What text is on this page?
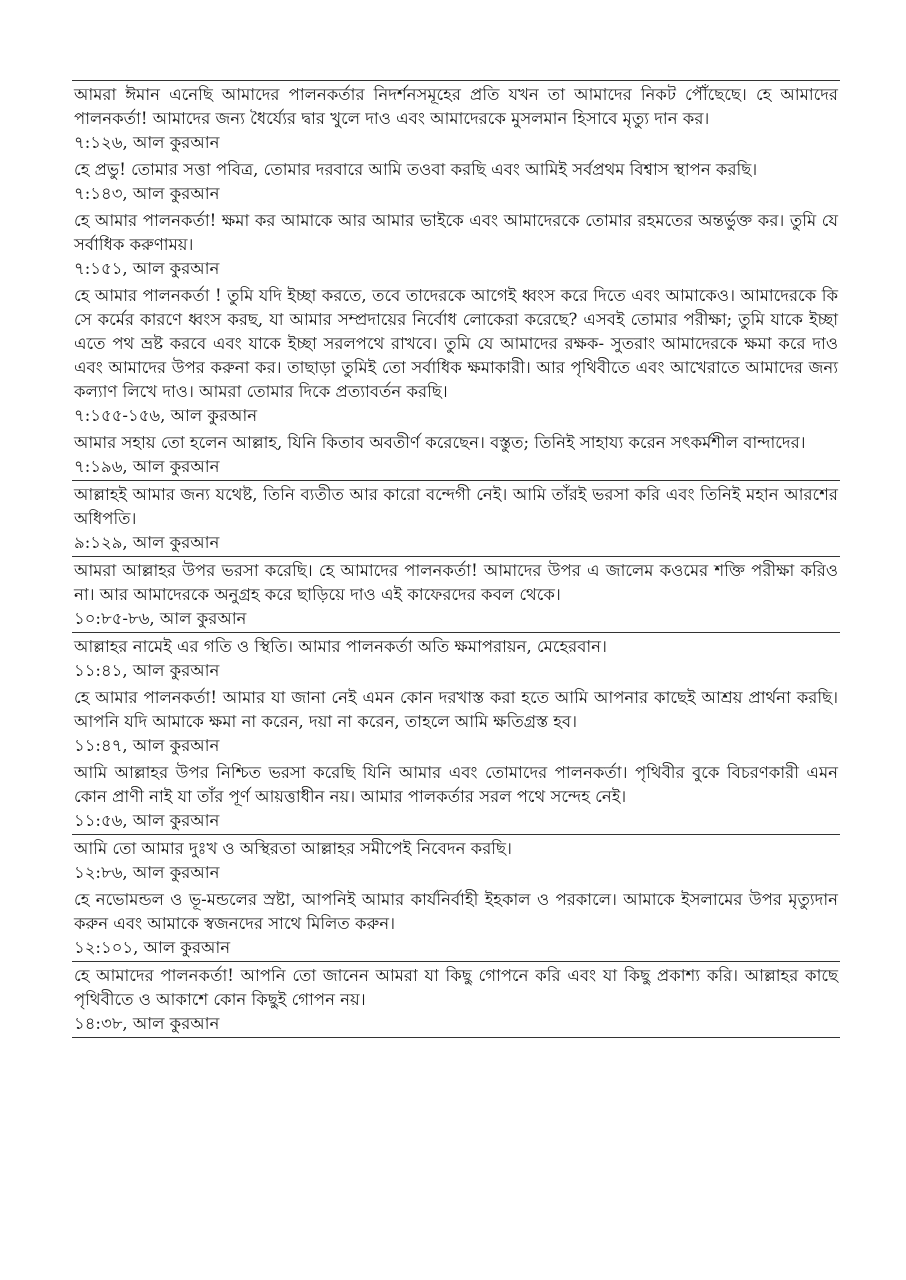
আমরা ঈমান এনেছি আমাদের পালনকর্তার নিদর্শনসমূহের প্রতি যখন তা আমাদের নিকট পৌঁছেছে। হে আমাদের পালনকর্তা! আমাদের জন্য ধৈর্য্যের দ্বার খুলে দাও এবং আমাদেরকে মুসলমান হিসাবে মৃত্যু দান কর।

৭:১২৬, আল কুরআন

হে প্রভু! তোমার সত্তা পবিত্র, তোমার দরবারে আমি তওবা করছি এবং আমিই সর্বপ্রথম বিশ্বাস স্থাপন করছি।

৭:১৪৩, আল কুরআন

হে আমার পালনকর্তা! ক্ষমা কর আমাকে আর আমার ভাইকে এবং আমাদেরকে তোমার রহমতের অন্তর্ভুক্ত কর। তুমি যে সর্বাধিক করুণাময়।

৭:১৫১, আল কুরআন

হে আমার পালনকর্তা ! তুমি যদি ইচ্ছা করতে, তবে তাদেরকে আগেই ধ্বংস করে দিতে এবং আমাকেও। আমাদেরকে কি সে কর্মের কারণে ধ্বংস করছ, যা আমার সম্প্রদায়ের নির্বোধ লোকেরা করেছে? এসবই তোমার পরীক্ষা; তুমি যাকে ইচ্ছা এতে পথ ভ্রষ্ট করবে এবং যাকে ইচ্ছা সরলপথে রাখবে। তুমি যে আমাদের রক্ষক- সুতরাং আমাদেরকে ক্ষমা করে দাও এবং আমাদের উপর করুনা কর। তাছাড়া তুমিই তো সর্বাধিক ক্ষমাকারী। আর পৃথিবীতে এবং আখেরাতে আমাদের জন্য কল্যাণ লিখে দাও। আমরা তোমার দিকে প্রত্যাবর্তন করছি।

৭:১৫৫-১৫৬, আল কুরআন

আমার সহায় তো হলেন আল্লাহ, যিনি কিতাব অবতীর্ণ করেছেন। বস্তুত; তিনিই সাহায্য করেন সৎকর্মশীল বান্দাদের।

৭:১৯৬, আল কুরআন

আল্লাহই আমার জন্য যথেষ্ট, তিনি ব্যতীত আর কারো বন্দেগী নেই। আমি তাঁরই ভরসা করি এবং তিনিই মহান আরশের অধিপতি।

৯:১২৯, আল কুরআন

আমরা আল্লাহর উপর ভরসা করেছি। হে আমাদের পালনকর্তা! আমাদের উপর এ জালেম কওমের শক্তি পরীক্ষা করিও না। আর আমাদেরকে অনুগ্রহ করে ছাড়িয়ে দাও এই কাফেরদের কবল থেকে।

১০:৮৫-৮৬, আল কুরআন

আল্লাহর নামেই এর গতি ও স্থিতি। আমার পালনকর্তা অতি ক্ষমাপরায়ন, মেহেরবান।

১১:৪১, আল কুরআন

হে আমার পালনকর্তা! আমার যা জানা নেই এমন কোন দরখাস্ত করা হতে আমি আপনার কাছেই আশ্রয় প্রার্থনা করছি। আপনি যদি আমাকে ক্ষমা না করেন, দয়া না করেন, তাহলে আমি ক্ষতিগ্রস্ত হব।

১১:৪৭, আল কুরআন

আমি আল্লাহর উপর নিশ্চিত ভরসা করেছি যিনি আমার এবং তোমাদের পালনকর্তা। পৃথিবীর বুকে বিচরণকারী এমন কোন প্রাণী নাই যা তাঁর পূর্ণ আয়ত্তাধীন নয়। আমার পালকর্তার সরল পথে সন্দেহ নেই।

১১:৫৬, আল কুরআন

আমি তো আমার দুঃখ ও অস্থিরতা আল্লাহর সমীপেই নিবেদন করছি।

১২:৮৬, আল কুরআন

হে নভোমন্ডল ও ভূ-মন্ডলের স্রষ্টা, আপনিই আমার কার্যনির্বাহী ইহকাল ও পরকালে। আমাকে ইসলামের উপর মৃত্যুদান করুন এবং আমাকে স্বজনদের সাথে মিলিত করুন।

১২:১০১, আল কুরআন

হে আমাদের পালনকর্তা! আপনি তো জানেন আমরা যা কিছু গোপনে করি এবং যা কিছু প্রকাশ্য করি। আল্লাহর কাছে পৃথিবীতে ও আকাশে কোন কিছুই গোপন নয়।

১৪:৩৮, আল কুরআন
